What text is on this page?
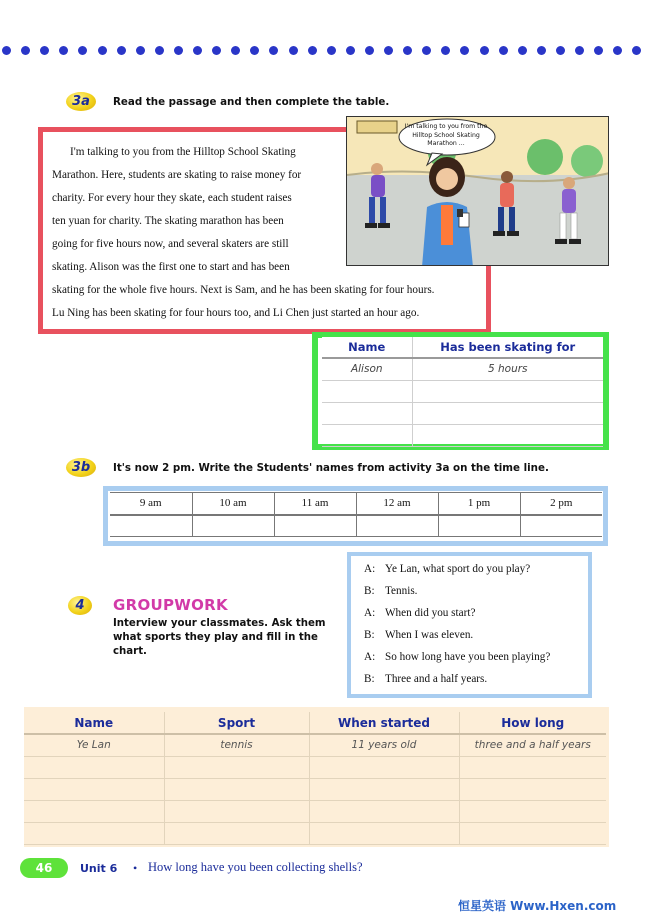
3a	Read the passage and then complete the table.

I'm talking to you from the Hilltop School Skating

Marathon. Here, students are skating to raise money for

charity. For every hour they skate, each student raises

ten yuan for charity. The skating marathon has been

going for five hours now, and several skaters are still

skating. Alison was the first one to start and has been

skating for the whole five hours. Next is Sam, and he has been skating for four hours.

Lu Ning has been skating for four hours too, and Li Chen just started an hour ago.

I'm talking to you from the Hilltop School Skating Marathon ...
Name	Has been skating for
Alison	5 hours

3b	It's now 2 pm. Write the Students' names from activity 3a on the time line.
9 am	10 am	11 am	12 am	1 pm	2 pm

A: Ye Lan, what sport do you play?
B: Tennis.
A: When did you start?
B: When I was eleven.
A: So how long have you been playing?
B: Three and a half years.
4	GROUPWORK
Interview your classmates. Ask them what sports they play and fill in the chart.
Name	Sport	When started	How long
Ye Lan	tennis	11 years old	three and a half years

46	Unit 6 • How long have you been collecting shells?
恒星英语 Www.Hxen.com
